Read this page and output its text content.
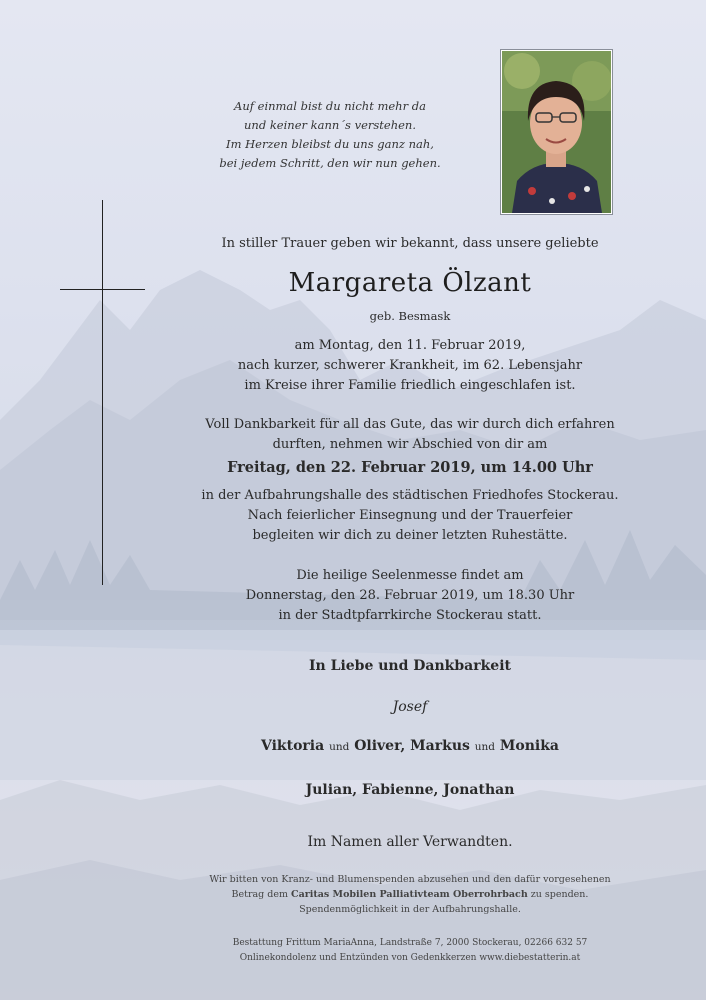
Auf einmal bist du nicht mehr da
und keiner kann´s verstehen.
Im Herzen bleibst du uns ganz nah,
bei jedem Schritt, den wir nun gehen.
In stiller Trauer geben wir bekannt, dass unsere geliebte
Margareta Ölzant
geb. Besmask
am Montag, den 11. Februar 2019,
nach kurzer, schwerer Krankheit, im 62. Lebensjahr
im Kreise ihrer Familie friedlich eingeschlafen ist.
Voll Dankbarkeit für all das Gute, das wir durch dich erfahren
durften, nehmen wir Abschied von dir am
Freitag, den 22. Februar 2019, um 14.00 Uhr
in der Aufbahrungshalle des städtischen Friedhofes Stockerau.
Nach feierlicher Einsegnung und der Trauerfeier
begleiten wir dich zu deiner letzten Ruhestätte.
Die heilige Seelenmesse findet am
Donnerstag, den 28. Februar 2019, um 18.30 Uhr
in der Stadtpfarrkirche Stockerau statt.
In Liebe und Dankbarkeit
Josef
Viktoria und Oliver, Markus und Monika
Julian, Fabienne, Jonathan
Im Namen aller Verwandten.
Wir bitten von Kranz- und Blumenspenden abzusehen und den dafür vorgesehenen
Betrag dem Caritas Mobilen Palliativteam Oberrohrbach zu spenden.
Spendenmöglichkeit in der Aufbahrungshalle.
Bestattung Frittum MariaAnna, Landstraße 7, 2000 Stockerau, 02266 632 57
Onlinekondolenz und Entzünden von Gedenkkerzen www.diebestatterin.at
